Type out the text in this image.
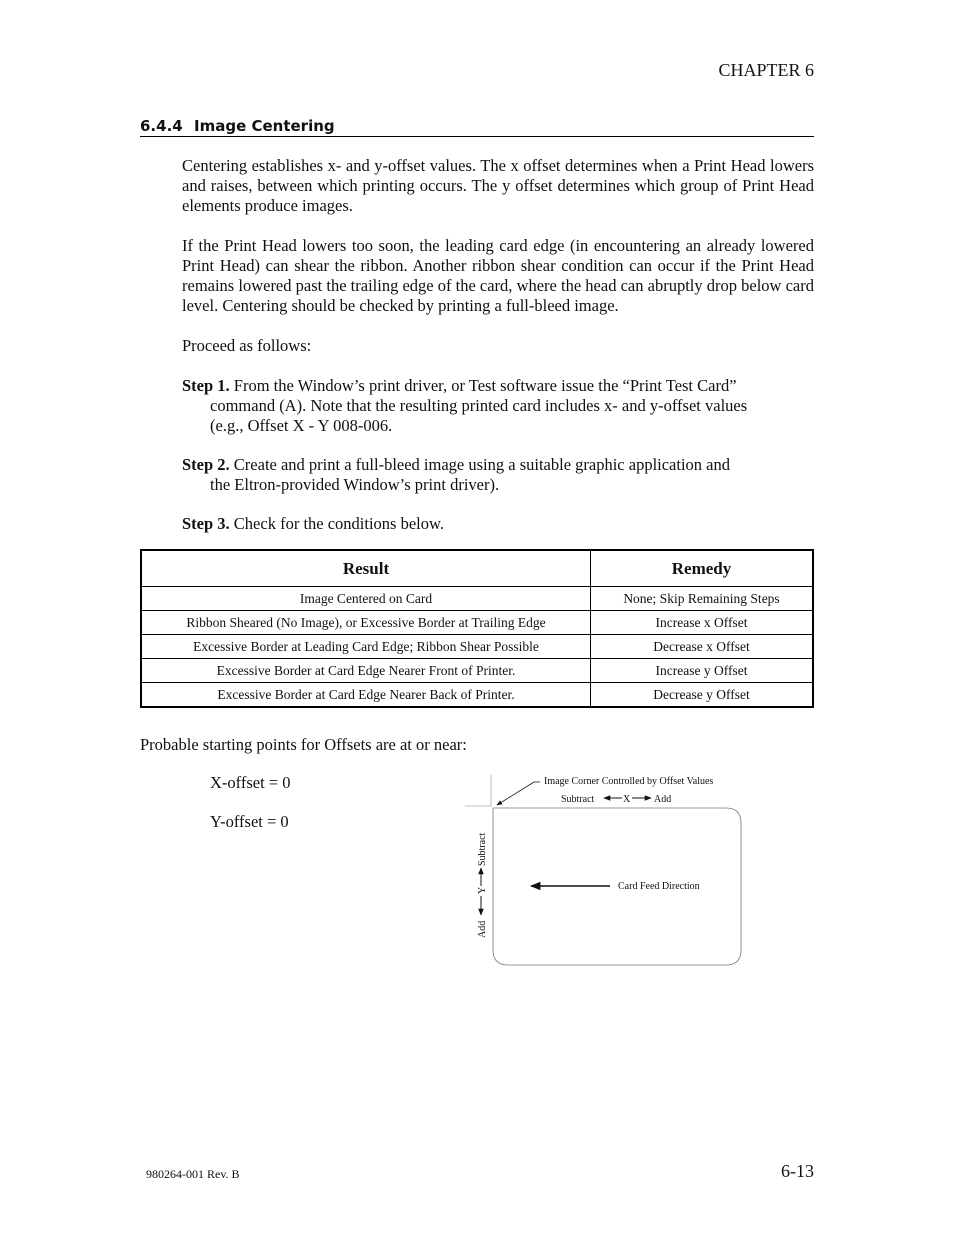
CHAPTER 6
6.4.4 Image Centering
Centering establishes x- and y-offset values. The x offset determines when a Print Head lowers and raises, between which printing occurs. The y offset determines which group of Print Head elements produce images.
If the Print Head lowers too soon, the leading card edge (in encountering an already lowered Print Head) can shear the ribbon. Another ribbon shear condition can occur if the Print Head remains lowered past the trailing edge of the card, where the head can abruptly drop below card level. Centering should be checked by printing a full-bleed image.
Proceed as follows:
Step 1. From the Window’s print driver, or Test software issue the “Print Test Card”
command (A). Note that the resulting printed card includes x- and y-offset values
(e.g., Offset X - Y 008-006.
Step 2. Create and print a full-bleed image using a suitable graphic application and
the Eltron-provided Window’s print driver).
Step 3. Check for the conditions below.
Result	Remedy
Image Centered on Card	None; Skip Remaining Steps
Ribbon Sheared (No Image), or Excessive Border at Trailing Edge	Increase x Offset
Excessive Border at Leading Card Edge; Ribbon Shear Possible	Decrease x Offset
Excessive Border at Card Edge Nearer Front of Printer.	Increase y Offset
Excessive Border at Card Edge Nearer Back of Printer.	Decrease y Offset
Probable starting points for Offsets are at or near:
X-offset = 0
Y-offset = 0
Image Corner Controlled by Offset Values
Subtract	X Add
Add
Y
Subtract
Card Feed Direction
980264-001 Rev. B	6-13
